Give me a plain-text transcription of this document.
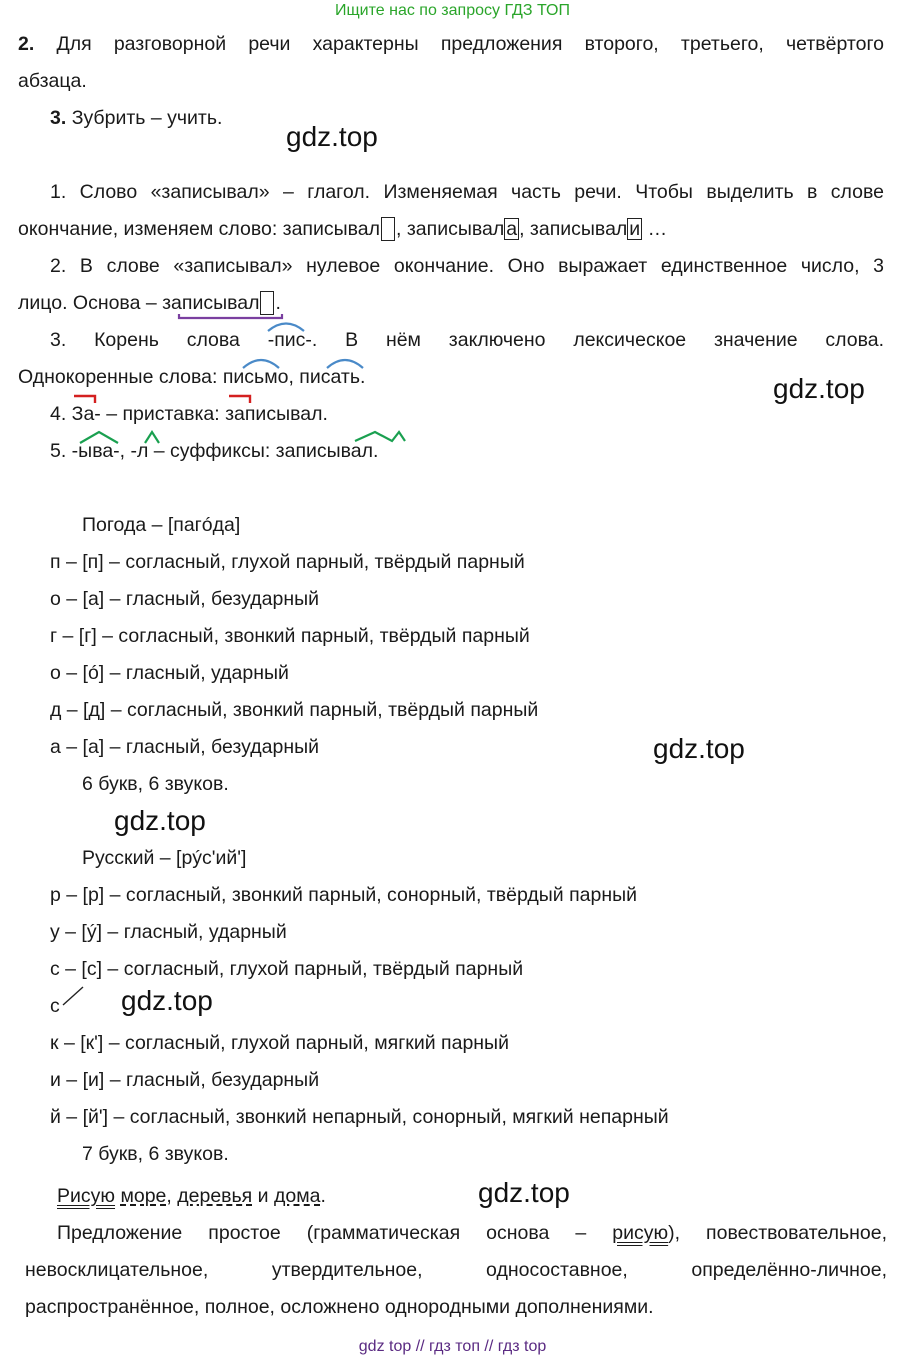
Ищите нас по запросу ГДЗ ТОП
2. Для разговорной речи характерны предложения второго, третьего, четвёртого
абзаца.
3. Зубрить – учить.
gdz.top
1. Слово «записывал» – глагол. Изменяемая часть речи. Чтобы выделить в слове
окончание, изменяем слово: записывал , записывал а , записывал и …
2. В слове «записывал» нулевое окончание. Оно выражает единственное число, 3
лицо. Основа – записывал .
3. Корень слова -пис-. В нём заключено лексическое значение слова.
Однокоренные слова: письмо, писать.	gdz.top
4. За- – приставка: записывал.
5. -ыва-, -л – суффиксы: записывал.
Погода – [пaгóда]
п – [п] – согласный, глухой парный, твёрдый парный
о – [a] – гласный, безударный
г – [г] – согласный, звонкий парный, твёрдый парный
о – [ó] – гласный, ударный
д – [д] – согласный, звонкий парный, твёрдый парный
а – [a] – гласный, безударный	gdz.top
6 букв, 6 звуков.
gdz.top
Русский – [рýс'ий']
р – [р] – согласный, звонкий парный, сонорный, твёрдый парный
у – [ý] – гласный, ударный
с – [с] – согласный, глухой парный, твёрдый парный
с gdz.top
к – [к'] – согласный, глухой парный, мягкий парный
и – [и] – гласный, безударный
й – [й'] – согласный, звонкий непарный, сонорный, мягкий непарный
7 букв, 6 звуков.
Рисую море, деревья и дома.	gdz.top
Предложение простое (грамматическая основа – рисую), повествовательное,
невосклицательное, утвердительное, односоставное, определённо-личное,
распространённое, полное, осложнено однородными дополнениями.
gdz top // гдз топ // гдз top
